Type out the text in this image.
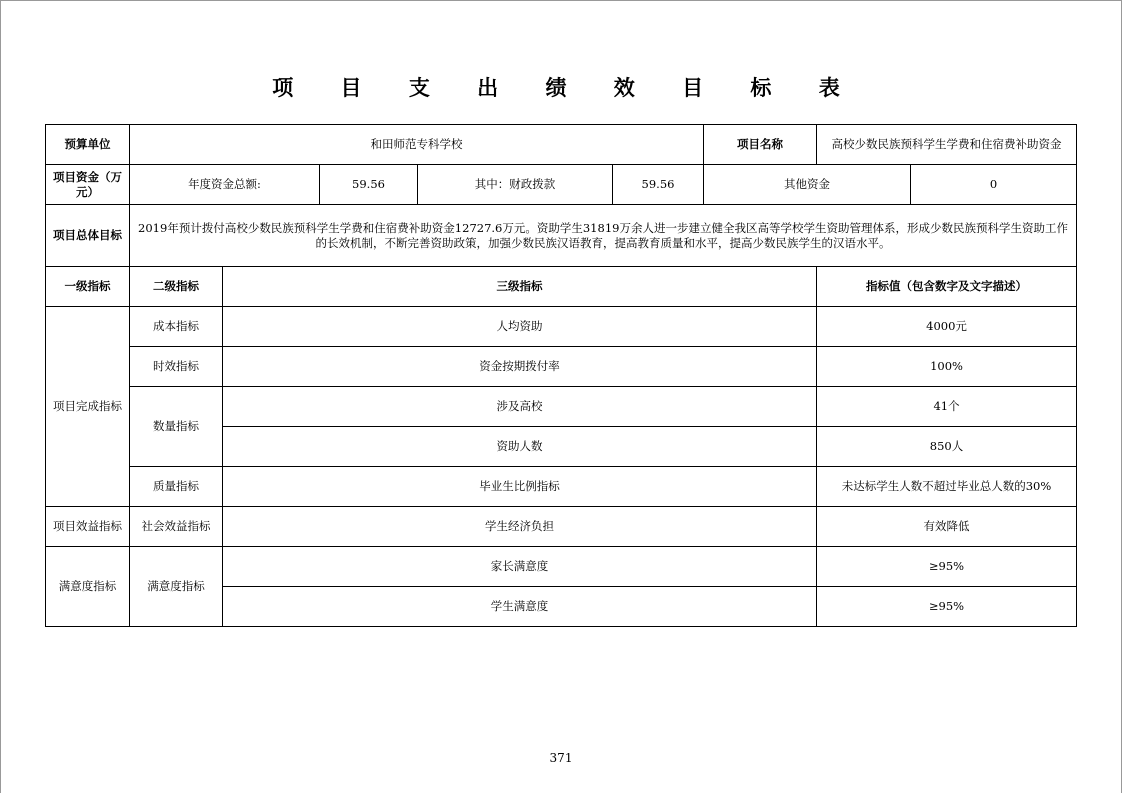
项 目 支 出 绩 效 目 标 表
预算单位	和田师范专科学校					项目名称	高校少数民族预科学生学费和住宿费补助资金	
项目资金（万元）	年度资金总额:		59.56	其中：财政拨款	59.56	其他资金		0
项目总体目标	2019年预计拨付高校少数民族预科学生学费和住宿费补助资金12727.6万元。资助学生31819万余人进一步建立健全我区高等学校学生资助管理体系，形成少数民族预科学生资助工作的长效机制，不断完善资助政策，加强少数民族汉语教育，提高教育质量和水平，提高少数民族学生的汉语水平。							
一级指标	二级指标	三级指标					指标值（包含数字及文字描述）	
项目完成指标	成本指标	人均资助					4000元	
	时效指标	资金按期拨付率					100%	
	数量指标	涉及高校					41个	
		资助人数					850人	
	质量指标	毕业生比例指标					未达标学生人数不超过毕业总人数的30%	
项目效益指标	社会效益指标	学生经济负担					有效降低	
满意度指标	满意度指标	家长满意度					≥95%	
		学生满意度					≥95%	
371
